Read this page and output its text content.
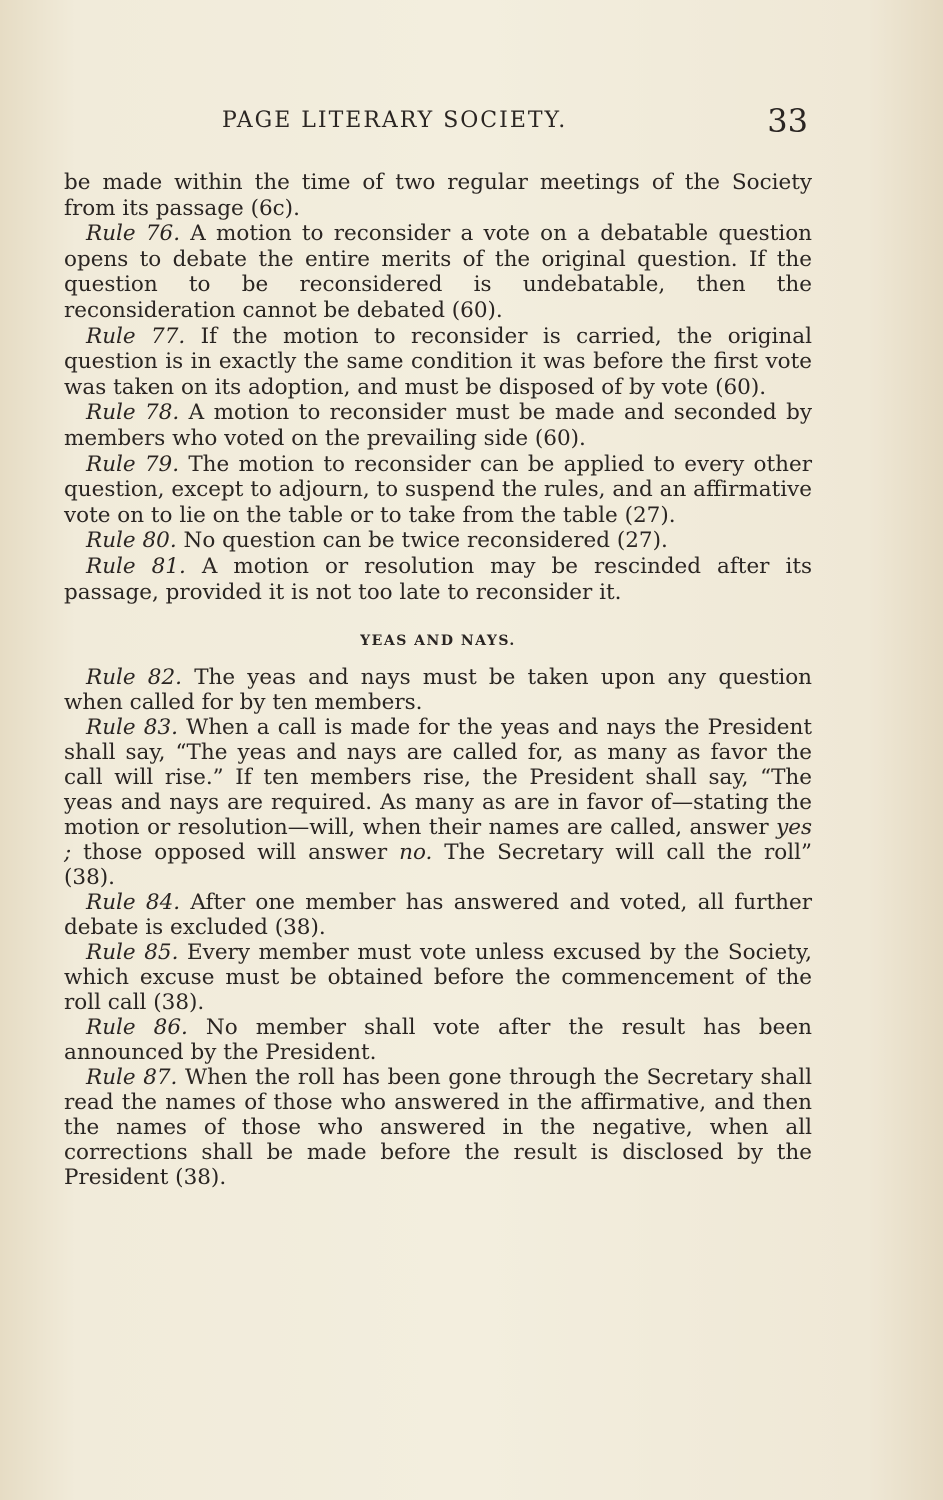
PAGE LITERARY SOCIETY.	33

be made within the time of two regular meetings of the Society from its passage (6c).

Rule 76. A motion to reconsider a vote on a debatable question opens to debate the entire merits of the original question. If the question to be reconsidered is undebatable, then the reconsideration cannot be debated (60).

Rule 77. If the motion to reconsider is carried, the original question is in exactly the same condition it was before the first vote was taken on its adoption, and must be disposed of by vote (60).

Rule 78. A motion to reconsider must be made and seconded by members who voted on the prevailing side (60).

Rule 79. The motion to reconsider can be applied to every other question, except to adjourn, to suspend the rules, and an affirmative vote on to lie on the table or to take from the table (27).

Rule 80. No question can be twice reconsidered (27).

Rule 81. A motion or resolution may be rescinded after its passage, provided it is not too late to reconsider it.

YEAS AND NAYS.

Rule 82. The yeas and nays must be taken upon any question when called for by ten members.

Rule 83. When a call is made for the yeas and nays the President shall say, “The yeas and nays are called for, as many as favor the call will rise.” If ten members rise, the President shall say, “The yeas and nays are required. As many as are in favor of—stating the motion or resolution—will, when their names are called, answer yes ; those opposed will answer no. The Secretary will call the roll” (38).

Rule 84. After one member has answered and voted, all further debate is excluded (38).

Rule 85. Every member must vote unless excused by the Society, which excuse must be obtained before the commencement of the roll call (38).

Rule 86. No member shall vote after the result has been announced by the President.

Rule 87. When the roll has been gone through the Secretary shall read the names of those who answered in the affirmative, and then the names of those who answered in the negative, when all corrections shall be made before the result is disclosed by the President (38).
